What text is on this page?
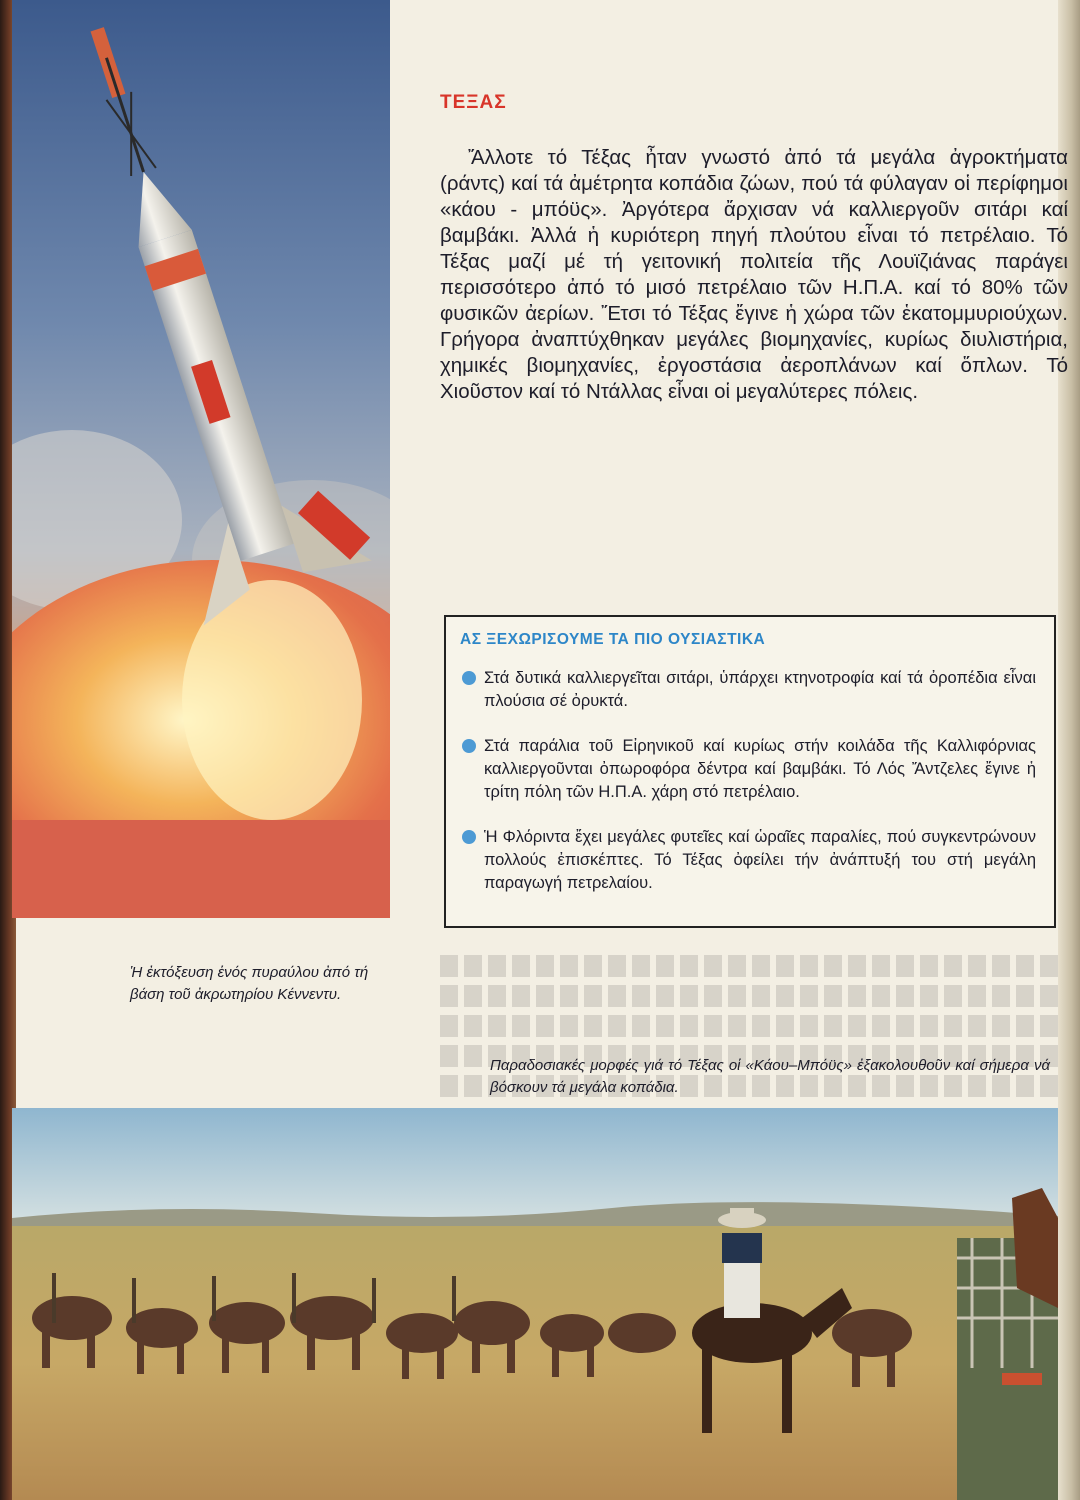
ΤΕΞΑΣ

Ἄλλοτε τό Τέξας ἦταν γνωστό ἀπό τά μεγάλα ἀγροκτήματα (ράντς) καί τά ἀμέτρητα κοπάδια ζώων, πού τά φύλαγαν οἱ περίφημοι «κάου - μπόϋς». Ἀργότερα ἄρχισαν νά καλλιεργοῦν σιτάρι καί βαμβάκι. Ἀλλά ἡ κυριότερη πηγή πλούτου εἶναι τό πετρέλαιο. Τό Τέξας μαζί μέ τή γειτονική πολιτεία τῆς Λουϊζιάνας παράγει περισσότερο ἀπό τό μισό πετρέλαιο τῶν Η.Π.Α. καί τό 80% τῶν φυσικῶν ἀερίων. Ἔτσι τό Τέξας ἔγινε ἡ χώρα τῶν ἑκατομμυριούχων. Γρήγορα ἀναπτύχθηκαν μεγάλες βιομηχανίες, κυρίως διυλιστήρια, χημικές βιομηχανίες, ἐργοστάσια ἀεροπλάνων καί ὅπλων. Τό Χιοῦστον καί τό Ντάλλας εἶναι οἱ μεγαλύτερες πόλεις.

ΑΣ ΞΕΧΩΡΙΣΟΥΜΕ ΤΑ ΠΙΟ ΟΥΣΙΑΣΤΙΚΑ
Στά δυτικά καλλιεργεῖται σιτάρι, ὑπάρχει κτηνοτροφία καί τά ὀροπέδια εἶναι πλούσια σέ ὀρυκτά.
Στά παράλια τοῦ Εἰρηνικοῦ καί κυρίως στήν κοιλάδα τῆς Καλλιφόρνιας καλλιεργοῦνται ὀπωροφόρα δέντρα καί βαμβάκι. Τό Λός Ἄντζελες ἔγινε ἡ τρίτη πόλη τῶν Η.Π.Α. χάρη στό πετρέλαιο.
Ἡ Φλόριντα ἔχει μεγάλες φυτεῖες καί ὡραῖες παραλίες, πού συγκεντρώνουν πολλούς ἐπισκέπτες. Τό Τέξας ὀφείλει τήν ἀνάπτυξή του στή μεγάλη παραγωγή πετρελαίου.
Ἡ ἐκτόξευση ἑνός πυραύλου ἀπό τή βάση τοῦ ἀκρωτηρίου Κέννεντυ.
Παραδοσιακές μορφές γιά τό Τέξας οἱ «Κάου–Μπόϋς» ἐξακολουθοῦν καί σήμερα νά βόσκουν τά μεγάλα κοπάδια.
